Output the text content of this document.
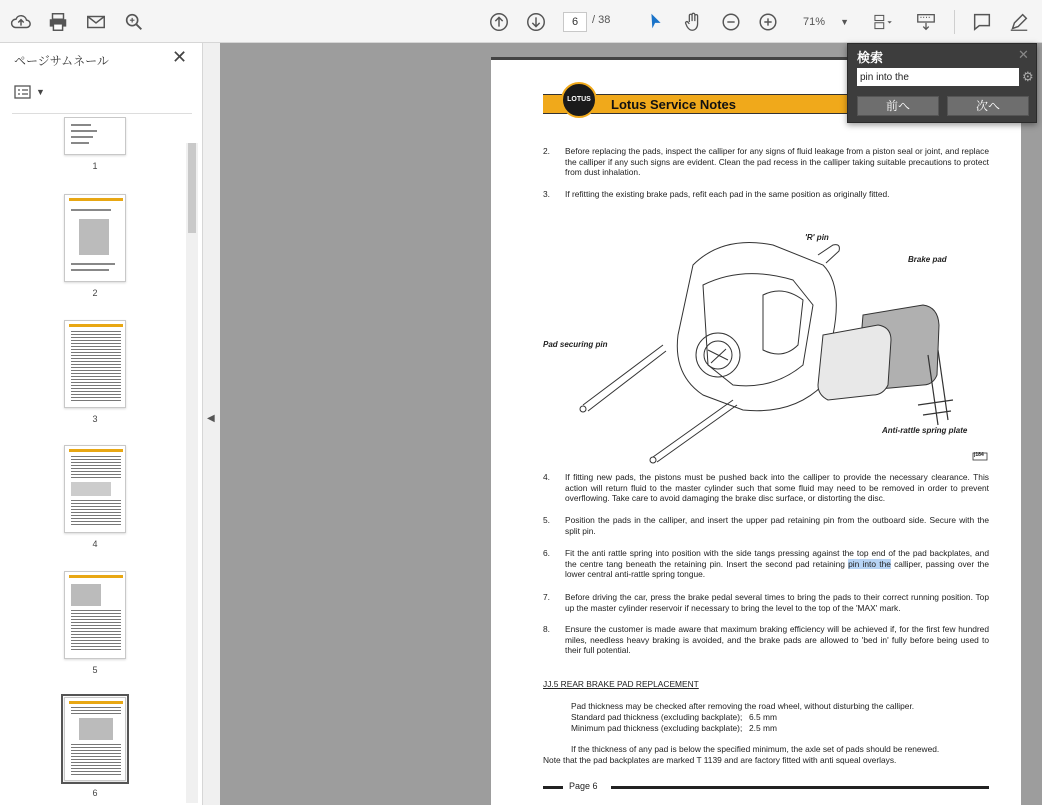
6	/ 38	71% ▼
ページサムネール	✕
▼
1
2
3
4
5
6
◀
LOTUS	Lotus Service Notes
2.	Before replacing the pads, inspect the calliper for any signs of fluid leakage from a piston seal or joint, and replace the calliper if any such signs are evident. Clean the pad recess in the calliper taking suitable precautions to protect from dust inhalation.
3.	If refitting the existing brake pads, refit each pad in the same position as originally fitted.
'R' pin
Brake pad
Pad securing pin
Anti-rattle spring plate
j184
4.	If fitting new pads, the pistons must be pushed back into the calliper to provide the necessary clearance. This action will return fluid to the master cylinder such that some fluid may need to be removed in order to prevent overflowing. Take care to avoid damaging the brake disc surface, or distorting the disc.
5.	Position the pads in the calliper, and insert the upper pad retaining pin from the outboard side. Secure with the split pin.
6.	Fit the anti rattle spring into position with the side tangs pressing against the top end of the pad backplates, and the centre tang beneath the retaining pin. Insert the second pad retaining pin into the calliper, passing over the lower central anti-rattle spring tongue.
7.	Before driving the car, press the brake pedal several times to bring the pads to their correct running position. Top up the master cylinder reservoir if necessary to bring the level to the top of the 'MAX' mark.
8.	Ensure the customer is made aware that maximum braking efficiency will be achieved if, for the first few hundred miles, needless heavy braking is avoided, and the brake pads are allowed to 'bed in' fully before being used to their full potential.
JJ.5 REAR BRAKE PAD REPLACEMENT
Pad thickness may be checked after removing the road wheel, without disturbing the calliper.
Standard pad thickness (excluding backplate); 6.5 mm
Minimum pad thickness (excluding backplate); 2.5 mm
If the thickness of any pad is below the specified minimum, the axle set of pads should be renewed.
Note that the pad backplates are marked T 1139 and are factory fitted with anti squeal overlays.
Page 6
検索	✕
pin into the
⚙
前へ	次へ
